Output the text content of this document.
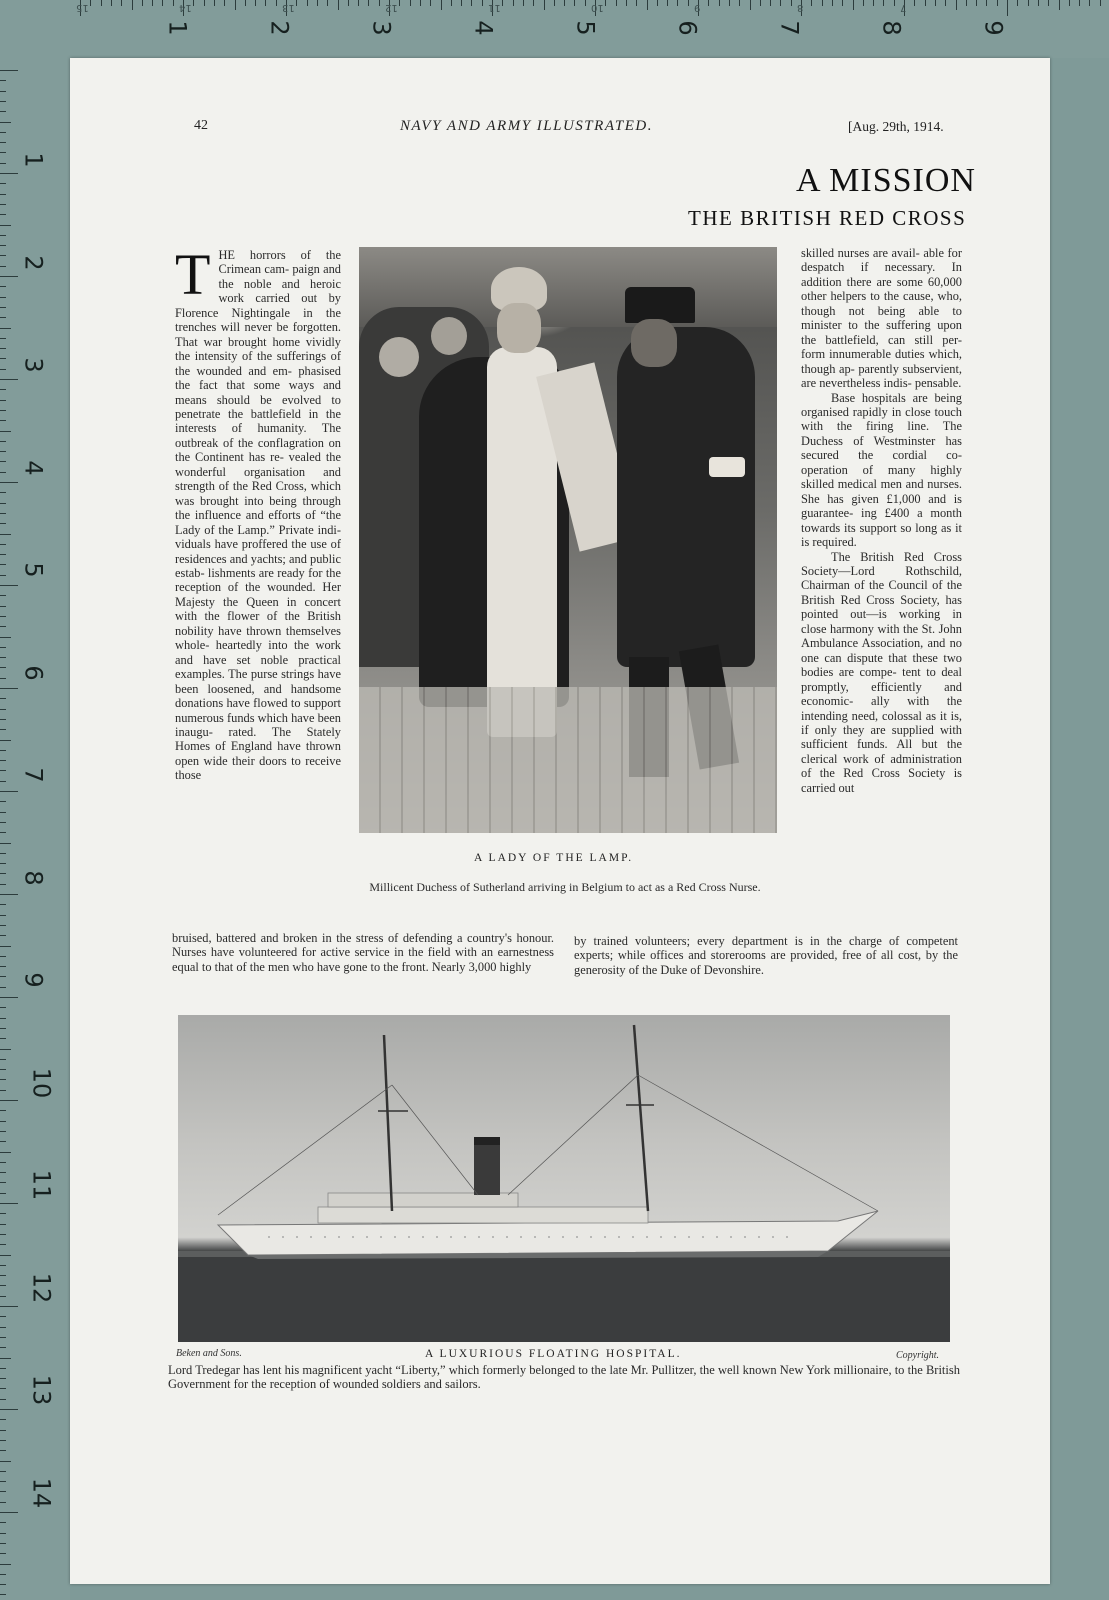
1	2	3	4	5	6	7	8	9
15	14	13	12	11	10	9	8	7
1
2
3
4
5
6
7
8
9
10
11
12
13
14
42	NAVY AND ARMY ILLUSTRATED.	[Aug. 29th, 1914.
A MISSION
THE BRITISH RED CROSS
T HE horrors of the Crimean cam- paign and the noble and heroic work carried out by Florence Nightingale in the trenches will never be forgotten. That war brought home vividly the intensity of the sufferings of the wounded and em- phasised the fact that some ways and means should be evolved to penetrate the battlefield in the interests of humanity. The outbreak of the conflagration on the Continent has re- vealed the wonderful organisation and strength of the Red Cross, which was brought into being through the influence and efforts of “the Lady of the Lamp.” Private indi- viduals have proffered the use of residences and yachts; and public estab- lishments are ready for the reception of the wounded. Her Majesty the Queen in concert with the flower of the British nobility have thrown themselves whole- heartedly into the work and have set noble practical examples. The purse strings have been loosened, and handsome donations have flowed to support numerous funds which have been inaugu- rated. The Stately Homes of England have thrown open wide their doors to receive those

skilled nurses are avail- able for despatch if necessary. In addition there are some 60,000 other helpers to the cause, who, though not being able to minister to the suffering upon the battlefield, can still per- form innumerable duties which, though ap- parently subservient, are nevertheless indis- pensable.

Base hospitals are being organised rapidly in close touch with the firing line. The Duchess of Westminster has secured the cordial co- operation of many highly skilled medical men and nurses. She has given £1,000 and is guarantee- ing £400 a month towards its support so long as it is required.

The British Red Cross Society—Lord Rothschild, Chairman of the Council of the British Red Cross Society, has pointed out—is working in close harmony with the St. John Ambulance Association, and no one can dispute that these two bodies are compe- tent to deal promptly, efficiently and economic- ally with the intending need, colossal as it is, if only they are supplied with sufficient funds. All but the clerical work of administration of the Red Cross Society is carried out

A LADY OF THE LAMP.
Millicent Duchess of Sutherland arriving in Belgium to act as a Red Cross Nurse.
bruised, battered and broken in the stress of defending a country's honour. Nurses have volunteered for active service in the field with an earnestness equal to that of the men who have gone to the front. Nearly 3,000 highly
by trained volunteers; every department is in the charge of competent experts; while offices and storerooms are provided, free of all cost, by the generosity of the Duke of Devonshire.
Beken and Sons.	A LUXURIOUS FLOATING HOSPITAL.	Copyright.
Lord Tredegar has lent his magnificent yacht “Liberty,” which formerly belonged to the late Mr. Pullitzer, the well known New York millionaire, to the British Government for the reception of wounded soldiers and sailors.
